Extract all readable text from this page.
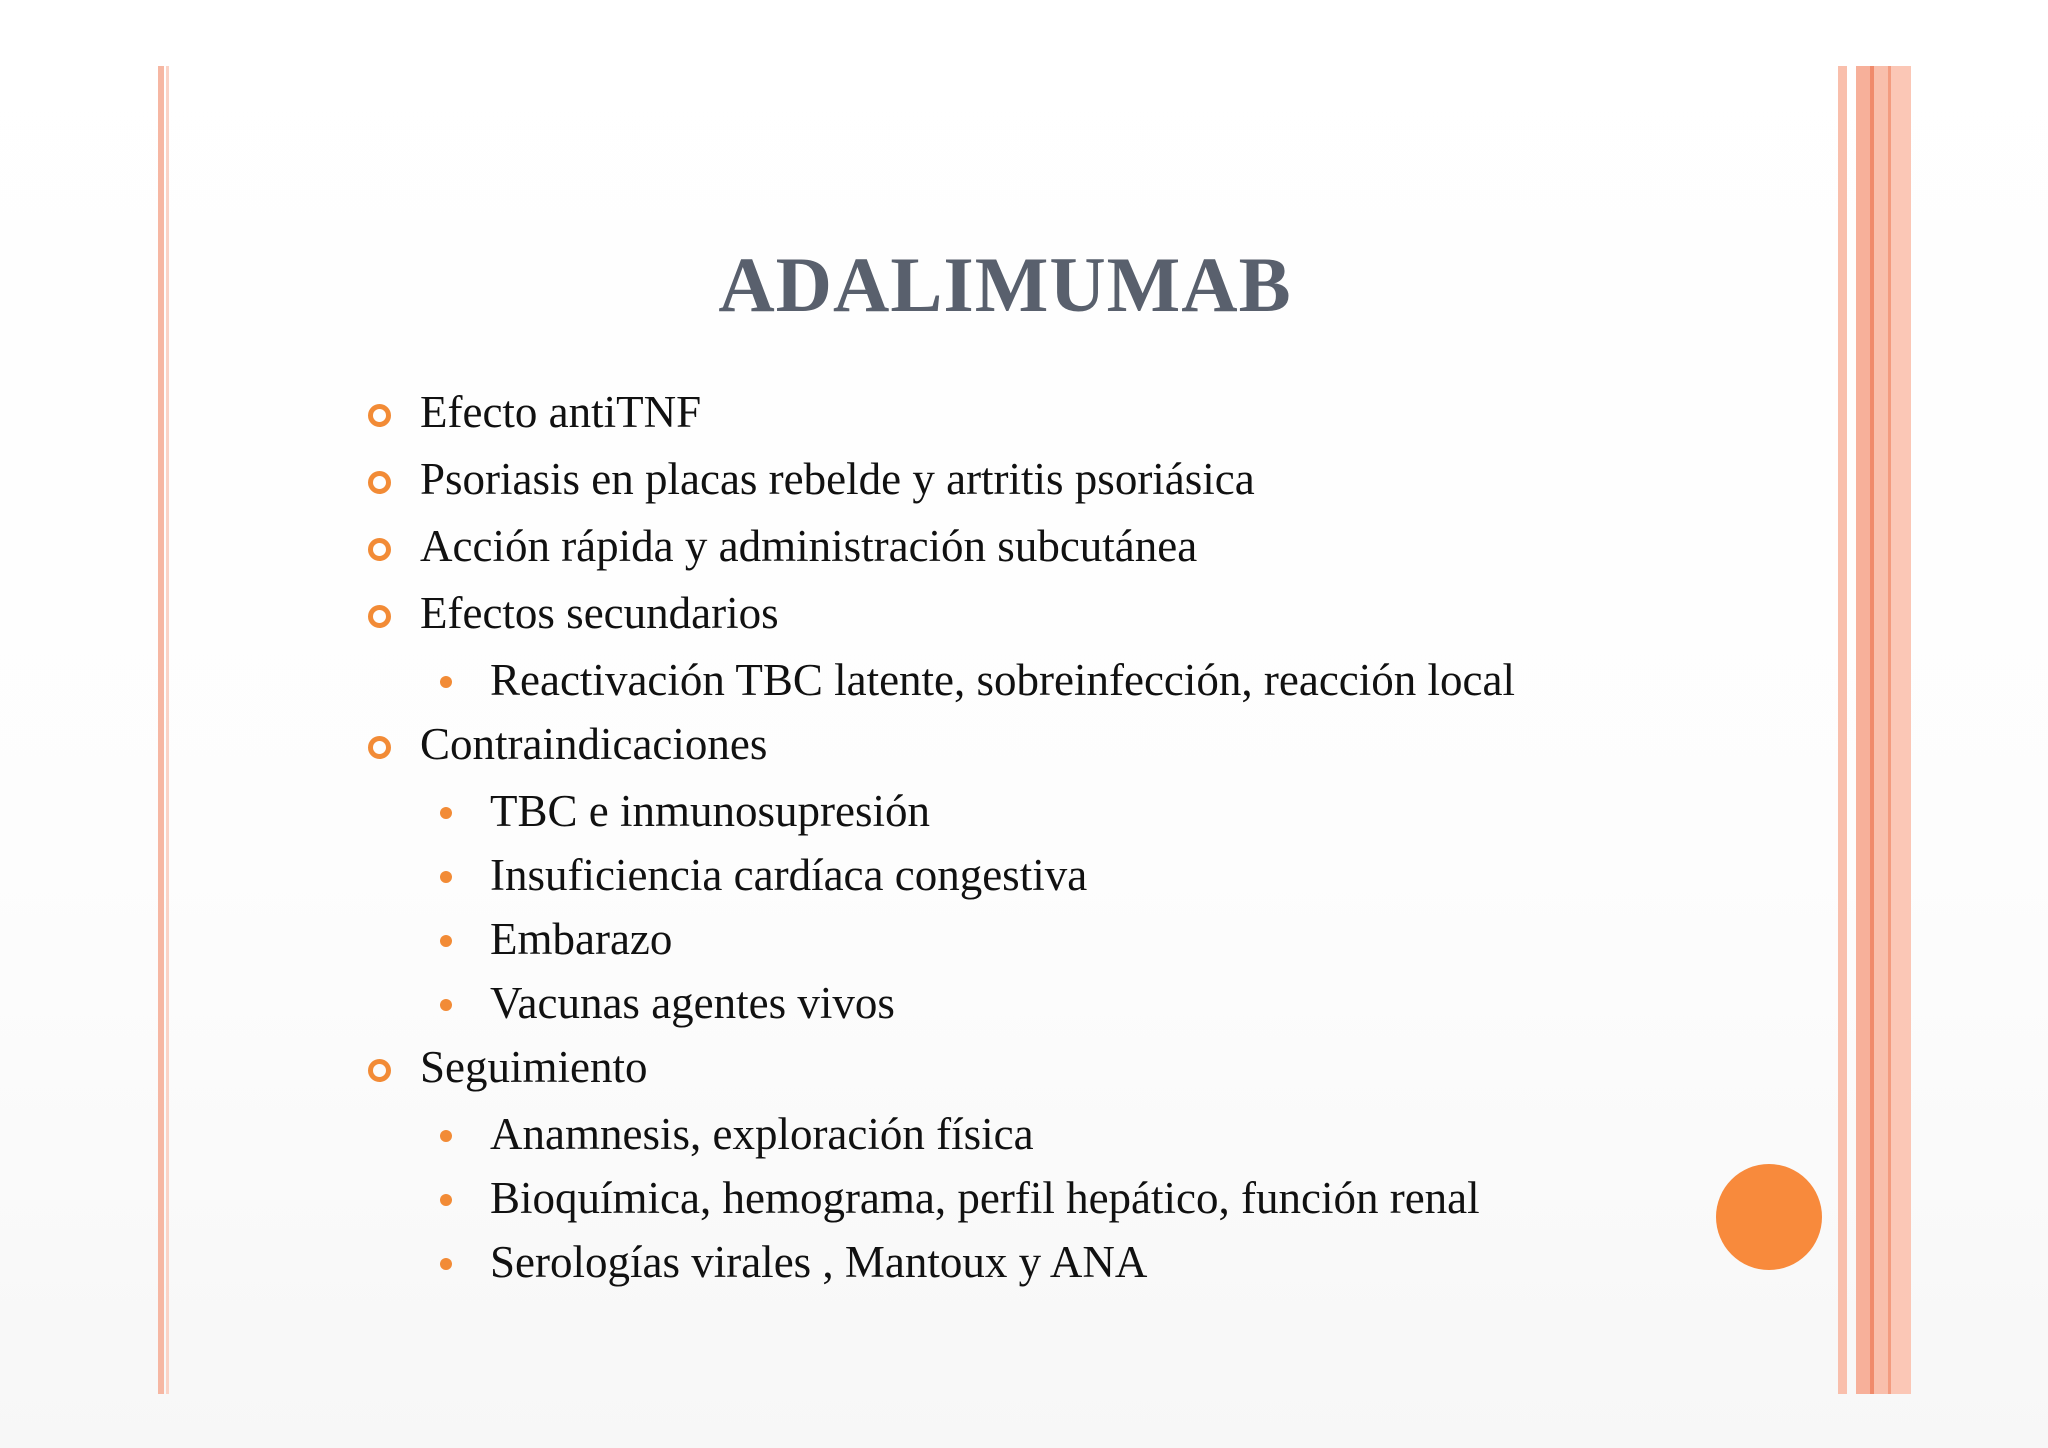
ADALIMUMAB
Efecto antiTNF
Psoriasis en placas rebelde y artritis psoriásica
Acción rápida y administración subcutánea
Efectos secundarios
Reactivación TBC latente, sobreinfección, reacción local
Contraindicaciones
TBC e inmunosupresión
Insuficiencia cardíaca congestiva
Embarazo
Vacunas agentes vivos
Seguimiento
Anamnesis, exploración física
Bioquímica, hemograma, perfil hepático, función renal
Serologías virales , Mantoux y ANA
